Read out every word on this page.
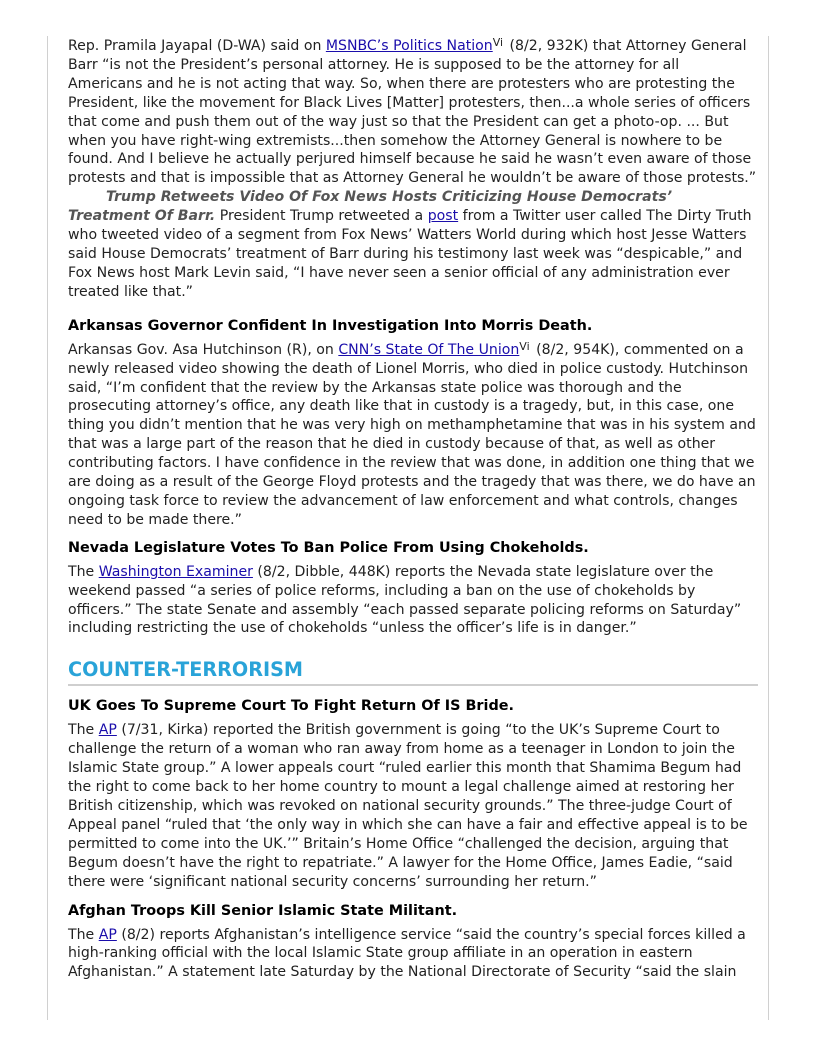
Rep. Pramila Jayapal (D-WA) said on MSNBC’s Politics Nation$^{Vi}$ (8/2, 932K) that Attorney General Barr “is not the President’s personal attorney. He is supposed to be the attorney for all Americans and he is not acting that way. So, when there are protesters who are protesting the President, like the movement for Black Lives [Matter] protesters, then...a whole series of officers that come and push them out of the way just so that the President can get a photo-op. ... But when you have right-wing extremists...then somehow the Attorney General is nowhere to be found. And I believe he actually perjured himself because he said he wasn’t even aware of those protests and that is impossible that as Attorney General he wouldn’t be aware of those protests.”

Trump Retweets Video Of Fox News Hosts Criticizing House Democrats’ Treatment Of Barr. President Trump retweeted a post from a Twitter user called The Dirty Truth who tweeted video of a segment from Fox News’ Watters World during which host Jesse Watters said House Democrats’ treatment of Barr during his testimony last week was “despicable,” and Fox News host Mark Levin said, “I have never seen a senior official of any administration ever treated like that.”

Arkansas Governor Confident In Investigation Into Morris Death.

Arkansas Gov. Asa Hutchinson (R), on CNN’s State Of The Union$^{Vi}$ (8/2, 954K), commented on a newly released video showing the death of Lionel Morris, who died in police custody. Hutchinson said, “I’m confident that the review by the Arkansas state police was thorough and the prosecuting attorney’s office, any death like that in custody is a tragedy, but, in this case, one thing you didn’t mention that he was very high on methamphetamine that was in his system and that was a large part of the reason that he died in custody because of that, as well as other contributing factors. I have confidence in the review that was done, in addition one thing that we are doing as a result of the George Floyd protests and the tragedy that was there, we do have an ongoing task force to review the advancement of law enforcement and what controls, changes need to be made there.”

Nevada Legislature Votes To Ban Police From Using Chokeholds.

The Washington Examiner (8/2, Dibble, 448K) reports the Nevada state legislature over the weekend passed “a series of police reforms, including a ban on the use of chokeholds by officers.” The state Senate and assembly “each passed separate policing reforms on Saturday” including restricting the use of chokeholds “unless the officer’s life is in danger.”

COUNTER-TERRORISM
UK Goes To Supreme Court To Fight Return Of IS Bride.

The AP (7/31, Kirka) reported the British government is going “to the UK’s Supreme Court to challenge the return of a woman who ran away from home as a teenager in London to join the Islamic State group.” A lower appeals court “ruled earlier this month that Shamima Begum had the right to come back to her home country to mount a legal challenge aimed at restoring her British citizenship, which was revoked on national security grounds.” The three-judge Court of Appeal panel “ruled that ‘the only way in which she can have a fair and effective appeal is to be permitted to come into the UK.’” Britain’s Home Office “challenged the decision, arguing that Begum doesn’t have the right to repatriate.” A lawyer for the Home Office, James Eadie, “said there were ‘significant national security concerns’ surrounding her return.”

Afghan Troops Kill Senior Islamic State Militant.

The AP (8/2) reports Afghanistan’s intelligence service “said the country’s special forces killed a high-ranking official with the local Islamic State group affiliate in an operation in eastern Afghanistan.” A statement late Saturday by the National Directorate of Security “said the slain
